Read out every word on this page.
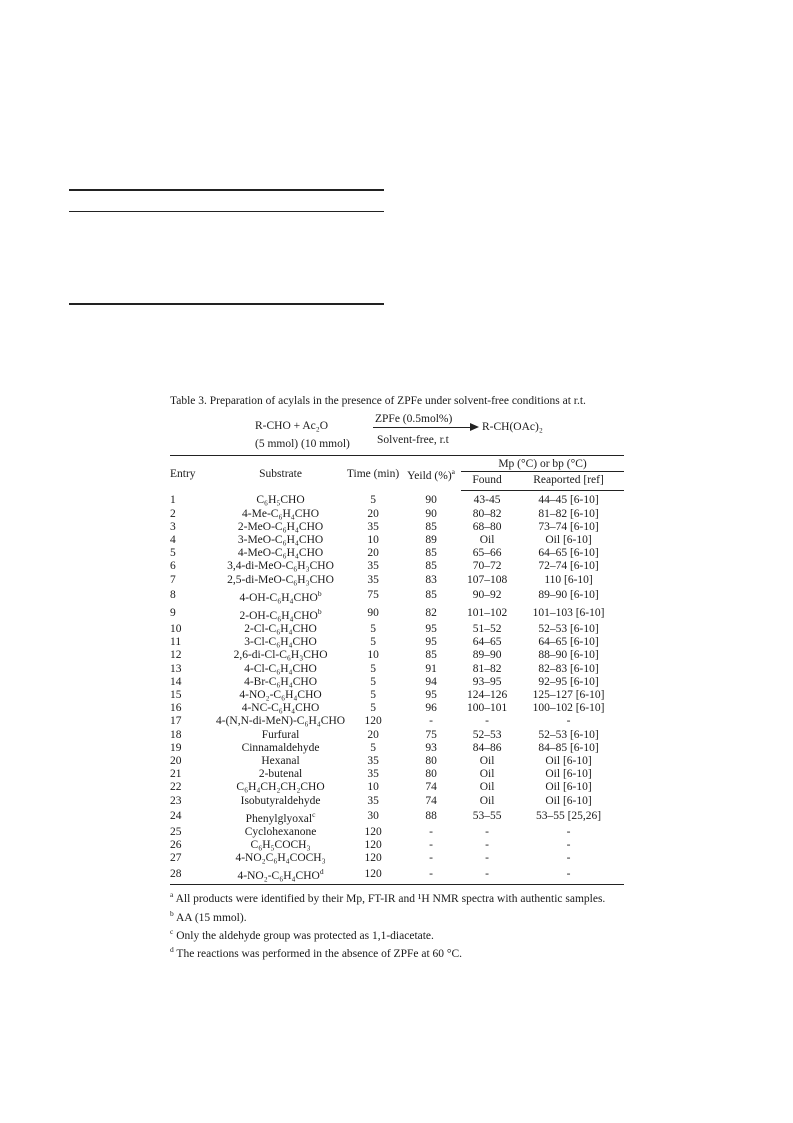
Table 3. Preparation of acylals in the presence of ZPFe under solvent-free conditions at r.t.
R-CHO + Ac₂O
(5 mmol) (10 mmol)
ZPFe (0.5mol%)
Solvent-free, r.t
R-CH(OAc)₂
Entry	Substrate	Time (min)	Yeild (%)$^a$	Mp (°C) or bp (°C)	
				Found	Reaported [ref]
1	C₆H₅CHO	5	90	43-45	44–45 [6-10]
2	4-Me-C₆H₄CHO	20	90	80–82	81–82 [6-10]
3	2-MeO-C₆H₄CHO	35	85	68–80	73–74 [6-10]
4	3-MeO-C₆H₄CHO	10	89	Oil	Oil [6-10]
5	4-MeO-C₆H₄CHO	20	85	65–66	64–65 [6-10]
6	3,4-di-MeO-C₆H₃CHO	35	85	70–72	72–74 [6-10]
7	2,5-di-MeO-C₆H₃CHO	35	83	107–108	110 [6-10]
8	4-OH-C₆H₄CHO$^b$	75	85	90–92	89–90 [6-10]
9	2-OH-C₆H₄CHO$^b$	90	82	101–102	101–103 [6-10]
10	2-Cl-C₆H₄CHO	5	95	51–52	52–53 [6-10]
11	3-Cl-C₆H₄CHO	5	95	64–65	64–65 [6-10]
12	2,6-di-Cl-C₆H₃CHO	10	85	89–90	88–90 [6-10]
13	4-Cl-C₆H₄CHO	5	91	81–82	82–83 [6-10]
14	4-Br-C₆H₄CHO	5	94	93–95	92–95 [6-10]
15	4-NO₂-C₆H₄CHO	5	95	124–126	125–127 [6-10]
16	4-NC-C₆H₄CHO	5	96	100–101	100–102 [6-10]
17	4-(N,N-di-MeN)-C₆H₄CHO	120	-	-	-
18	Furfural	20	75	52–53	52–53 [6-10]
19	Cinnamaldehyde	5	93	84–86	84–85 [6-10]
20	Hexanal	35	80	Oil	Oil [6-10]
21	2-butenal	35	80	Oil	Oil [6-10]
22	C₆H₄CH₂CH₂CHO	10	74	Oil	Oil [6-10]
23	Isobutyraldehyde	35	74	Oil	Oil [6-10]
24	Phenylglyoxal$^c$	30	88	53–55	53–55 [25,26]
25	Cyclohexanone	120	-	-	-
26	C₆H₅COCH₃	120	-	-	-
27	4-NO₂C₆H₄COCH₃	120	-	-	-
28	4-NO₂-C₆H₄CHO$^d$	120	-	-	-
$^a$ All products were identified by their Mp, FT-IR and ¹H NMR spectra with authentic samples.
$^b$ AA (15 mmol).
$^c$ Only the aldehyde group was protected as 1,1-diacetate.
$^d$ The reactions was performed in the absence of ZPFe at 60 °C.
